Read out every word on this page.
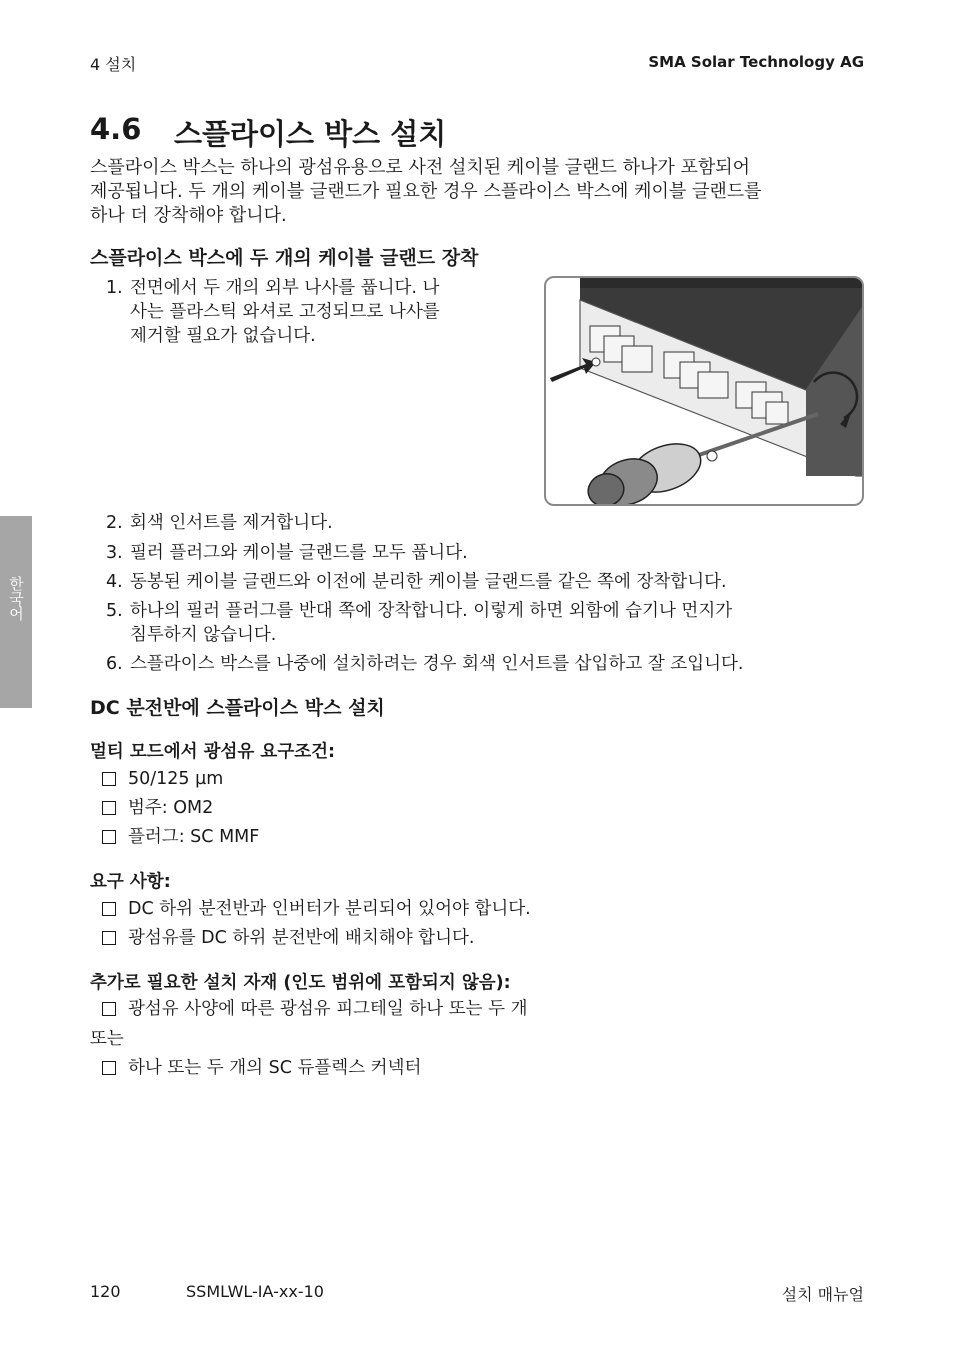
4 설치	SMA Solar Technology AG
4.6	스플라이스 박스 설치
스플라이스 박스는 하나의 광섬유용으로 사전 설치된 케이블 글랜드 하나가 포함되어
제공됩니다. 두 개의 케이블 글랜드가 필요한 경우 스플라이스 박스에 케이블 글랜드를
하나 더 장착해야 합니다.
스플라이스 박스에 두 개의 케이블 글랜드 장착
1. 전면에서 두 개의 외부 나사를 풉니다. 나
사는 플라스틱 와셔로 고정되므로 나사를
제거할 필요가 없습니다.
2. 회색 인서트를 제거합니다.
3. 필러 플러그와 케이블 글랜드를 모두 풉니다.
4. 동봉된 케이블 글랜드와 이전에 분리한 케이블 글랜드를 같은 쪽에 장착합니다.
5. 하나의 필러 플러그를 반대 쪽에 장착합니다. 이렇게 하면 외함에 습기나 먼지가
침투하지 않습니다.
6. 스플라이스 박스를 나중에 설치하려는 경우 회색 인서트를 삽입하고 잘 조입니다.
DC 분전반에 스플라이스 박스 설치
멀티 모드에서 광섬유 요구조건:
50/125 µm
범주: OM2
플러그: SC MMF
요구 사항:
DC 하위 분전반과 인버터가 분리되어 있어야 합니다.
광섬유를 DC 하위 분전반에 배치해야 합니다.
추가로 필요한 설치 자재 (인도 범위에 포함되지 않음):
광섬유 사양에 따른 광섬유 피그테일 하나 또는 두 개
또는
하나 또는 두 개의 SC 듀플렉스 커넥터
한국어
120	SSMLWL-IA-xx-10	설치 매뉴얼
